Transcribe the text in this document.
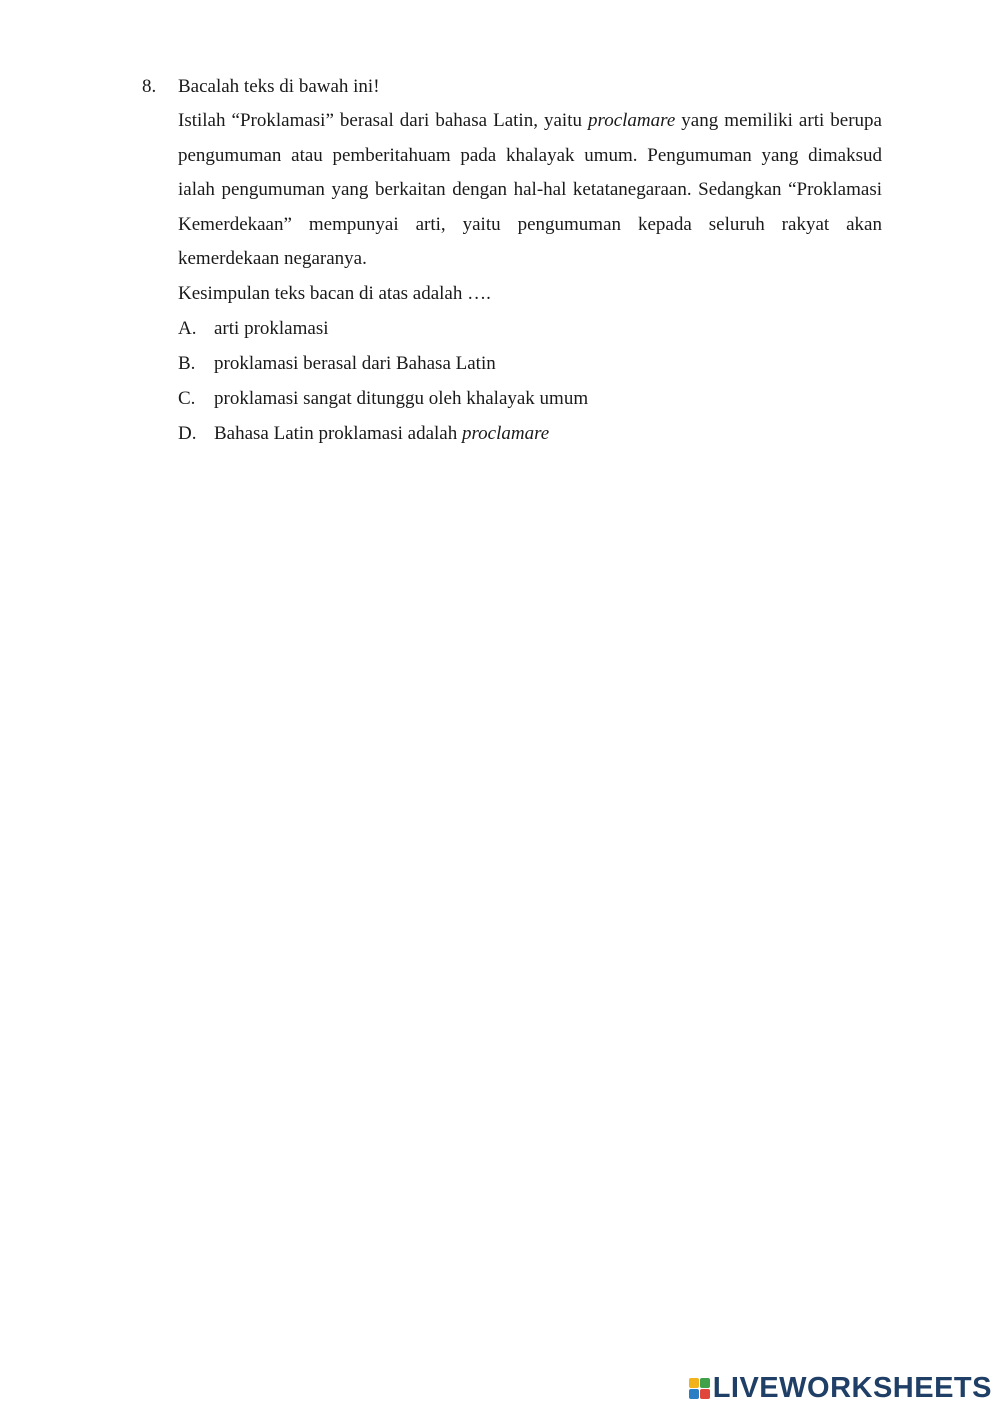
8.	Bacalah teks di bawah ini!

Istilah “Proklamasi” berasal dari bahasa Latin, yaitu proclamare yang memiliki arti berupa pengumuman atau pemberitahuam pada khalayak umum. Pengumuman yang dimaksud ialah pengumuman yang berkaitan dengan hal-hal ketatanegaraan. Sedangkan “Proklamasi Kemerdekaan” mempunyai arti, yaitu pengumuman kepada seluruh rakyat akan kemerdekaan negaranya.

Kesimpulan teks bacan di atas adalah ….
A. arti proklamasi
B. proklamasi berasal dari Bahasa Latin
C. proklamasi sangat ditunggu oleh khalayak umum
D. Bahasa Latin proklamasi adalah proclamare
LIVEWORKSHEETS
